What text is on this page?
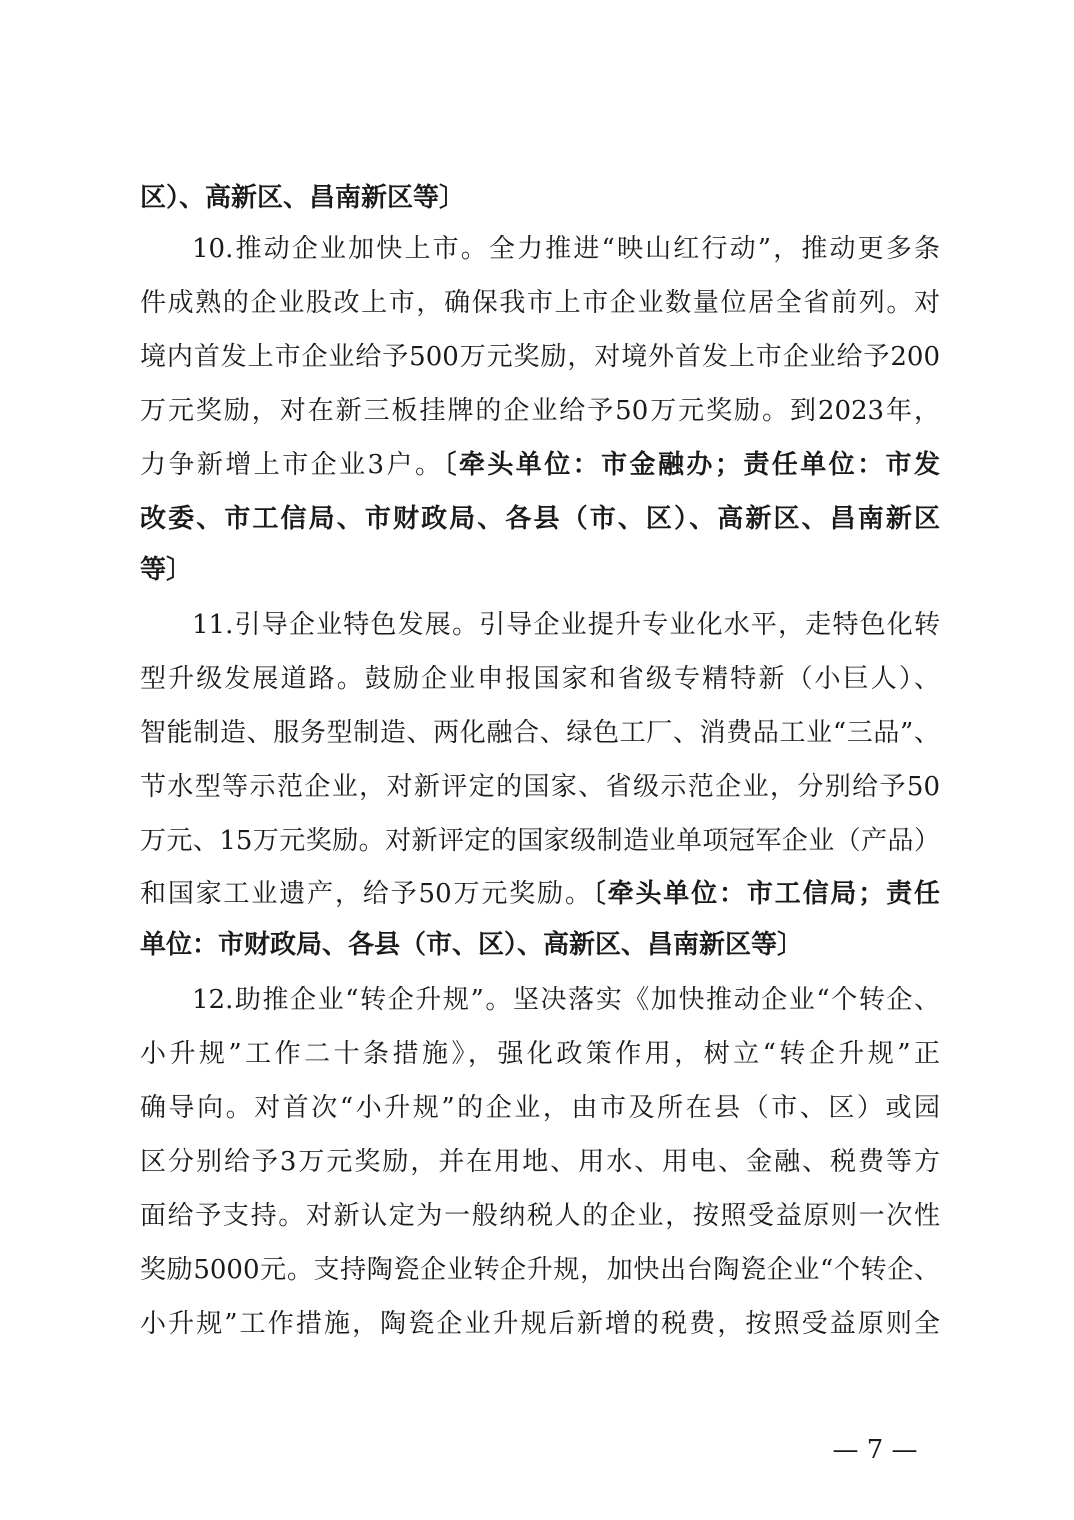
区）、高新区、昌南新区等〕
10.推动企业加快上市。全力推进“映山红行动”，推动更多条
件成熟的企业股改上市，确保我市上市企业数量位居全省前列。对
境内首发上市企业给予500万元奖励，对境外首发上市企业给予200
万元奖励，对在新三板挂牌的企业给予50万元奖励。到2023年，
力争新增上市企业3户。〔牵头单位：市金融办；责任单位：市发
改委、市工信局、市财政局、各县（市、区）、高新区、昌南新区
等〕
11.引导企业特色发展。引导企业提升专业化水平，走特色化转
型升级发展道路。鼓励企业申报国家和省级专精特新（小巨人）、
智能制造、服务型制造、两化融合、绿色工厂、消费品工业“三品”、
节水型等示范企业，对新评定的国家、省级示范企业，分别给予50
万元、15万元奖励。对新评定的国家级制造业单项冠军企业（产品）
和国家工业遗产，给予50万元奖励。〔牵头单位：市工信局；责任
单位：市财政局、各县（市、区）、高新区、昌南新区等〕
12.助推企业“转企升规”。坚决落实《加快推动企业“个转企、
小升规”工作二十条措施》，强化政策作用，树立“转企升规”正
确导向。对首次“小升规”的企业，由市及所在县（市、区）或园
区分别给予3万元奖励，并在用地、用水、用电、金融、税费等方
面给予支持。对新认定为一般纳税人的企业，按照受益原则一次性
奖励5000元。支持陶瓷企业转企升规，加快出台陶瓷企业“个转企、
小升规”工作措施，陶瓷企业升规后新增的税费，按照受益原则全
— 7 —
